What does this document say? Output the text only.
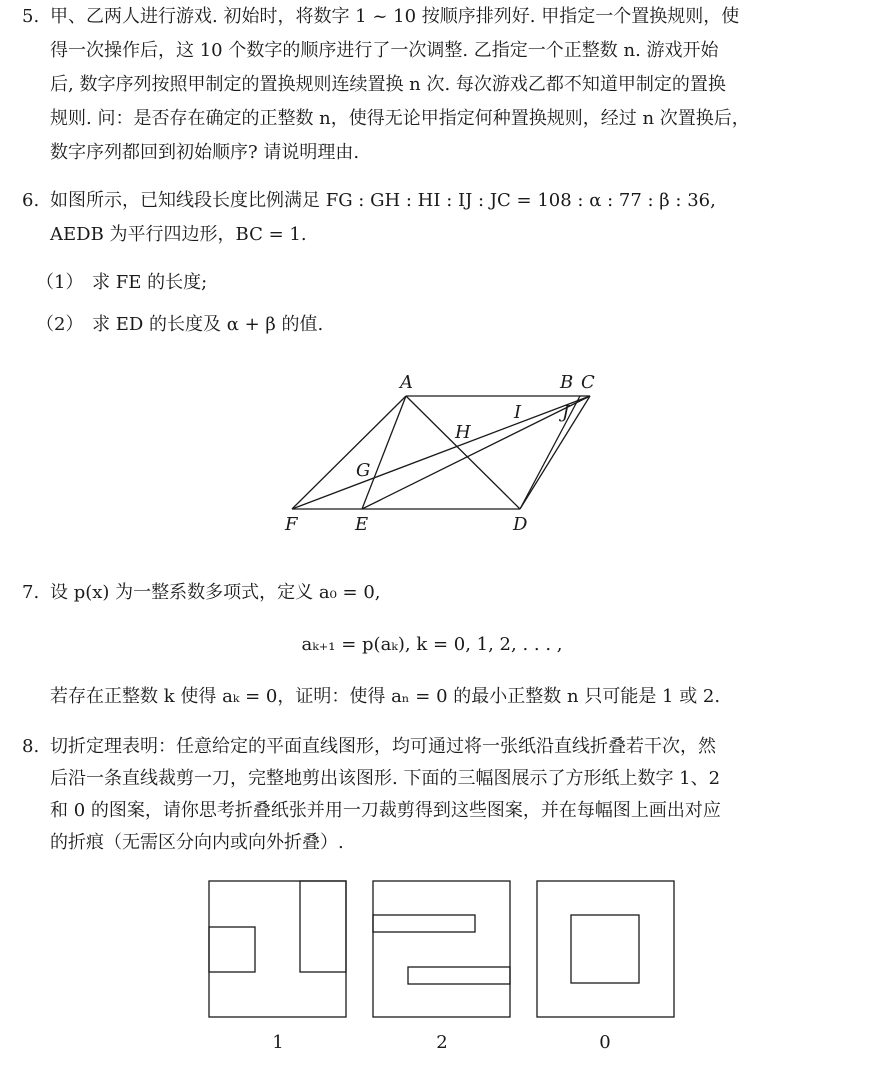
5. 甲、乙两人进行游戏. 初始时，将数字 1 ~ 10 按顺序排列好. 甲指定一个置换规则，使
得一次操作后，这 10 个数字的顺序进行了一次调整. 乙指定一个正整数 n. 游戏开始
后, 数字序列按照甲制定的置换规则连续置换 n 次. 每次游戏乙都不知道甲制定的置换
规则. 问：是否存在确定的正整数 n，使得无论甲指定何种置换规则，经过 n 次置换后，
数字序列都回到初始顺序? 请说明理由.
6. 如图所示，已知线段长度比例满足 FG : GH : HI : IJ : JC = 108 : α : 77 : β : 36,
AEDB 为平行四边形，BC = 1.
（1） 求 FE 的长度;
（2） 求 ED 的长度及 α + β 的值.
A	B C
I J
H
G
F	E	D
7. 设 p(x) 为一整系数多项式，定义 a₀ = 0,
aₖ₊₁ = p(aₖ), k = 0, 1, 2, . . . ,
若存在正整数 k 使得 aₖ = 0，证明：使得 aₙ = 0 的最小正整数 n 只可能是 1 或 2.
8. 切折定理表明：任意给定的平面直线图形，均可通过将一张纸沿直线折叠若干次，然
后沿一条直线裁剪一刀，完整地剪出该图形. 下面的三幅图展示了方形纸上数字 1、2
和 0 的图案，请你思考折叠纸张并用一刀裁剪得到这些图案，并在每幅图上画出对应
的折痕（无需区分向内或向外折叠）.
1	2	0
